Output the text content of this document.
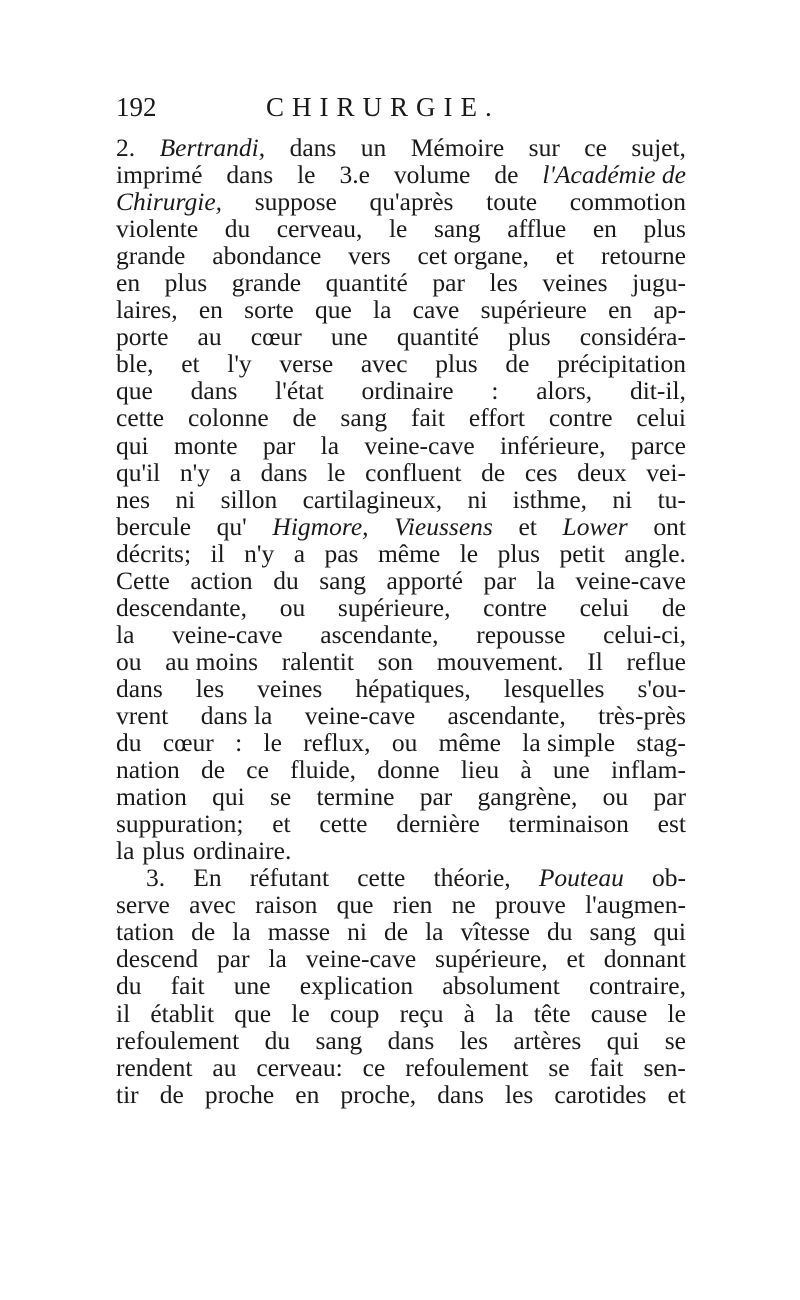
192	CHIRURGIE.
2. Bertrandi, dans un Mémoire sur ce sujet,
imprimé dans le 3.e volume de l'Académie de
Chirurgie, suppose qu'après toute commotion
violente du cerveau, le sang afflue en plus
grande abondance vers cet organe, et retourne
en plus grande quantité par les veines jugu-
laires, en sorte que la cave supérieure en ap-
porte au cœur une quantité plus considéra-
ble, et l'y verse avec plus de précipitation
que dans l'état ordinaire : alors, dit-il,
cette colonne de sang fait effort contre celui
qui monte par la veine-cave inférieure, parce
qu'il n'y a dans le confluent de ces deux vei-
nes ni sillon cartilagineux, ni isthme, ni tu-
bercule qu' Higmore, Vieussens et Lower ont
décrits; il n'y a pas même le plus petit angle.
Cette action du sang apporté par la veine-cave
descendante, ou supérieure, contre celui de
la veine-cave ascendante, repousse celui-ci,
ou au moins ralentit son mouvement. Il reflue
dans les veines hépatiques, lesquelles s'ou-
vrent dans la veine-cave ascendante, très-près
du cœur : le reflux, ou même la simple stag-
nation de ce fluide, donne lieu à une inflam-
mation qui se termine par gangrène, ou par
suppuration; et cette dernière terminaison est
la plus ordinaire.
3. En réfutant cette théorie, Pouteau ob-
serve avec raison que rien ne prouve l'augmen-
tation de la masse ni de la vîtesse du sang qui
descend par la veine-cave supérieure, et donnant
du fait une explication absolument contraire,
il établit que le coup reçu à la tête cause le
refoulement du sang dans les artères qui se
rendent au cerveau: ce refoulement se fait sen-
tir de proche en proche, dans les carotides et
